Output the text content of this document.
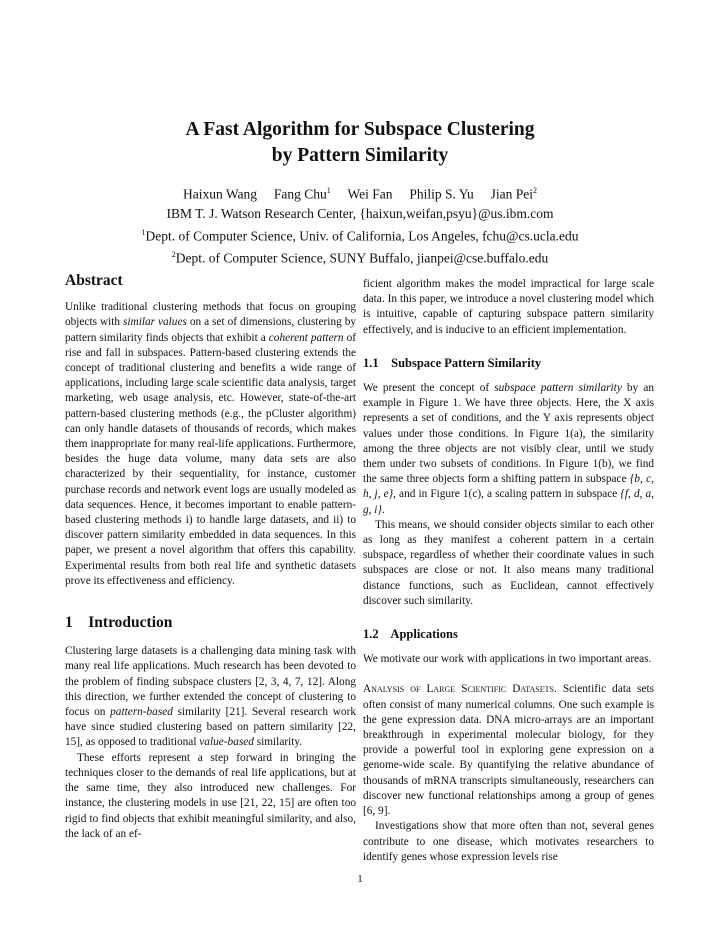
A Fast Algorithm for Subspace Clustering
by Pattern Similarity
Haixun Wang Fang Chu$^1$ Wei Fan Philip S. Yu Jian Pei$^2$
IBM T. J. Watson Research Center, {haixun,weifan,psyu}@us.ibm.com
$^1$Dept. of Computer Science, Univ. of California, Los Angeles, fchu@cs.ucla.edu
$^2$Dept. of Computer Science, SUNY Buffalo, jianpei@cse.buffalo.edu
Abstract

Unlike traditional clustering methods that focus on grouping objects with similar values on a set of dimensions, clustering by pattern similarity finds objects that exhibit a coherent pattern of rise and fall in subspaces. Pattern-based clustering extends the concept of traditional clustering and benefits a wide range of applications, including large scale scientific data analysis, target marketing, web usage analysis, etc. However, state-of-the-art pattern-based clustering methods (e.g., the pCluster algorithm) can only handle datasets of thousands of records, which makes them inappropriate for many real-life applications. Furthermore, besides the huge data volume, many data sets are also characterized by their sequentiality, for instance, customer purchase records and network event logs are usually modeled as data sequences. Hence, it becomes important to enable pattern-based clustering methods i) to handle large datasets, and ii) to discover pattern similarity embedded in data sequences. In this paper, we present a novel algorithm that offers this capability. Experimental results from both real life and synthetic datasets prove its effectiveness and efficiency.

1    Introduction

Clustering large datasets is a challenging data mining task with many real life applications. Much research has been devoted to the problem of finding subspace clusters [2, 3, 4, 7, 12]. Along this direction, we further extended the concept of clustering to focus on pattern-based similarity [21]. Several research work have since studied clustering based on pattern similarity [22, 15], as opposed to traditional value-based similarity.

These efforts represent a step forward in bringing the techniques closer to the demands of real life applications, but at the same time, they also introduced new challenges. For instance, the clustering models in use [21, 22, 15] are often too rigid to find objects that exhibit meaningful similarity, and also, the lack of an ef-

ficient algorithm makes the model impractical for large scale data. In this paper, we introduce a novel clustering model which is intuitive, capable of capturing subspace pattern similarity effectively, and is inducive to an efficient implementation.

1.1    Subspace Pattern Similarity

We present the concept of subspace pattern similarity by an example in Figure 1. We have three objects. Here, the X axis represents a set of conditions, and the Y axis represents object values under those conditions. In Figure 1(a), the similarity among the three objects are not visibly clear, until we study them under two subsets of conditions. In Figure 1(b), we find the same three objects form a shifting pattern in subspace {b, c, h, j, e}, and in Figure 1(c), a scaling pattern in subspace {f, d, a, g, i}.

This means, we should consider objects similar to each other as long as they manifest a coherent pattern in a certain subspace, regardless of whether their coordinate values in such subspaces are close or not. It also means many traditional distance functions, such as Euclidean, cannot effectively discover such similarity.

1.2    Applications

We motivate our work with applications in two important areas.

Analysis of Large Scientific Datasets. Scientific data sets often consist of many numerical columns. One such example is the gene expression data. DNA micro-arrays are an important breakthrough in experimental molecular biology, for they provide a powerful tool in exploring gene expression on a genome-wide scale. By quantifying the relative abundance of thousands of mRNA transcripts simultaneously, researchers can discover new functional relationships among a group of genes [6, 9].

Investigations show that more often than not, several genes contribute to one disease, which motivates researchers to identify genes whose expression levels rise

1
